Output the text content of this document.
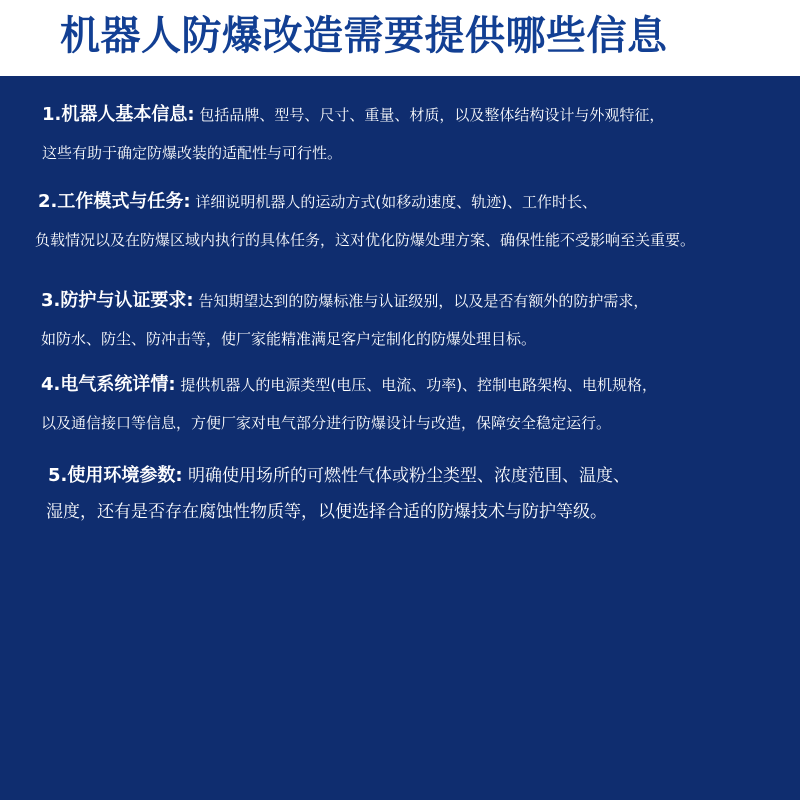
机器人防爆改造需要提供哪些信息
1.机器人基本信息: 包括品牌、型号、尺寸、重量、材质，以及整体结构设计与外观特征，
这些有助于确定防爆改装的适配性与可行性。
2.工作模式与任务: 详细说明机器人的运动方式(如移动速度、轨迹)、工作时长、
负载情况以及在防爆区域内执行的具体任务，这对优化防爆处理方案、确保性能不受影响至关重要。
3.防护与认证要求: 告知期望达到的防爆标准与认证级别，以及是否有额外的防护需求，
如防水、防尘、防冲击等，使厂家能精准满足客户定制化的防爆处理目标。
4.电气系统详情: 提供机器人的电源类型(电压、电流、功率)、控制电路架构、电机规格，
以及通信接口等信息，方便厂家对电气部分进行防爆设计与改造，保障安全稳定运行。
5.使用环境参数: 明确使用场所的可燃性气体或粉尘类型、浓度范围、温度、
湿度，还有是否存在腐蚀性物质等，以便选择合适的防爆技术与防护等级。
